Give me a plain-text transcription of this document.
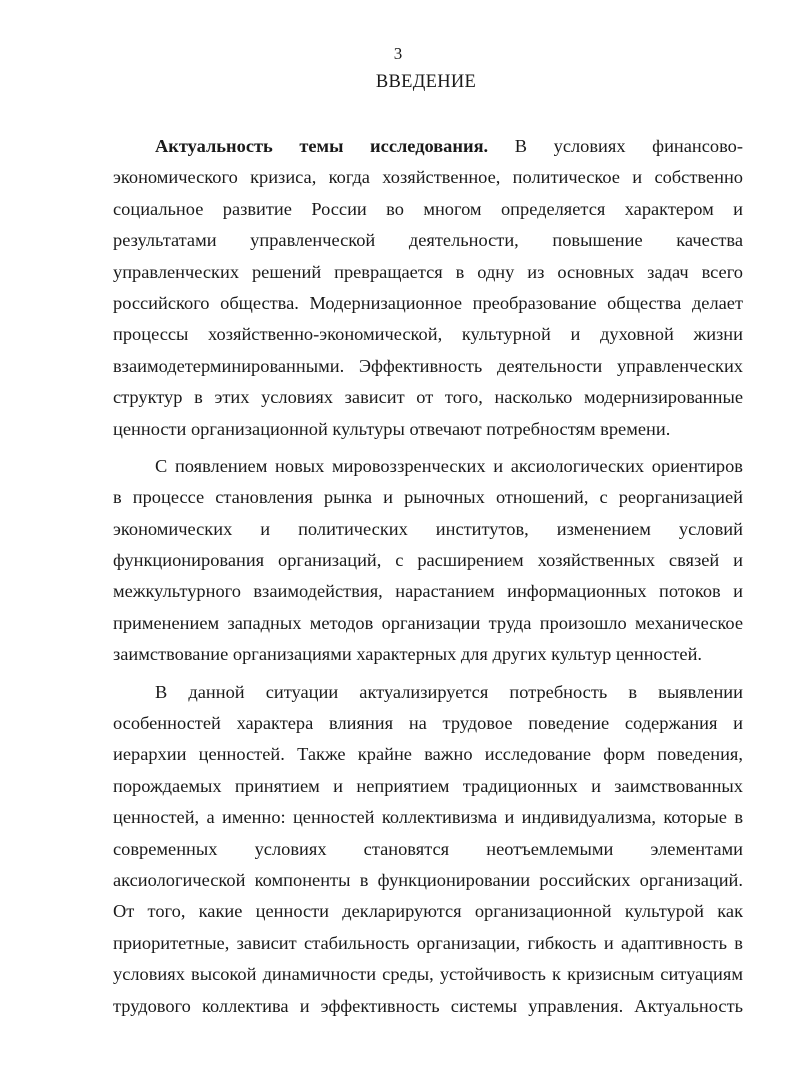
3
ВВЕДЕНИЕ
Актуальность темы исследования. В условиях финансово-
экономического кризиса, когда хозяйственное, политическое и собственно
социальное развитие России во многом определяется характером и
результатами управленческой деятельности, повышение качества
управленческих решений превращается в одну из основных задач всего
российского общества. Модернизационное преобразование общества делает
процессы хозяйственно-экономической, культурной и духовной жизни
взаимодетерминированными. Эффективность деятельности управленческих
структур в этих условиях зависит от того, насколько модернизированные
ценности организационной культуры отвечают потребностям времени.
С появлением новых мировоззренческих и аксиологических ориентиров
в процессе становления рынка и рыночных отношений, с реорганизацией
экономических и политических институтов, изменением условий
функционирования организаций, с расширением хозяйственных связей и
межкультурного взаимодействия, нарастанием информационных потоков и
применением западных методов организации труда произошло механическое
заимствование организациями характерных для других культур ценностей.
В данной ситуации актуализируется потребность в выявлении
особенностей характера влияния на трудовое поведение содержания и
иерархии ценностей. Также крайне важно исследование форм поведения,
порождаемых принятием и неприятием традиционных и заимствованных
ценностей, а именно: ценностей коллективизма и индивидуализма, которые в
современных условиях становятся неотъемлемыми элементами
аксиологической компоненты в функционировании российских организаций.
От того, какие ценности декларируются организационной культурой как
приоритетные, зависит стабильность организации, гибкость и адаптивность в
условиях высокой динамичности среды, устойчивость к кризисным ситуациям
трудового коллектива и эффективность системы управления. Актуальность
